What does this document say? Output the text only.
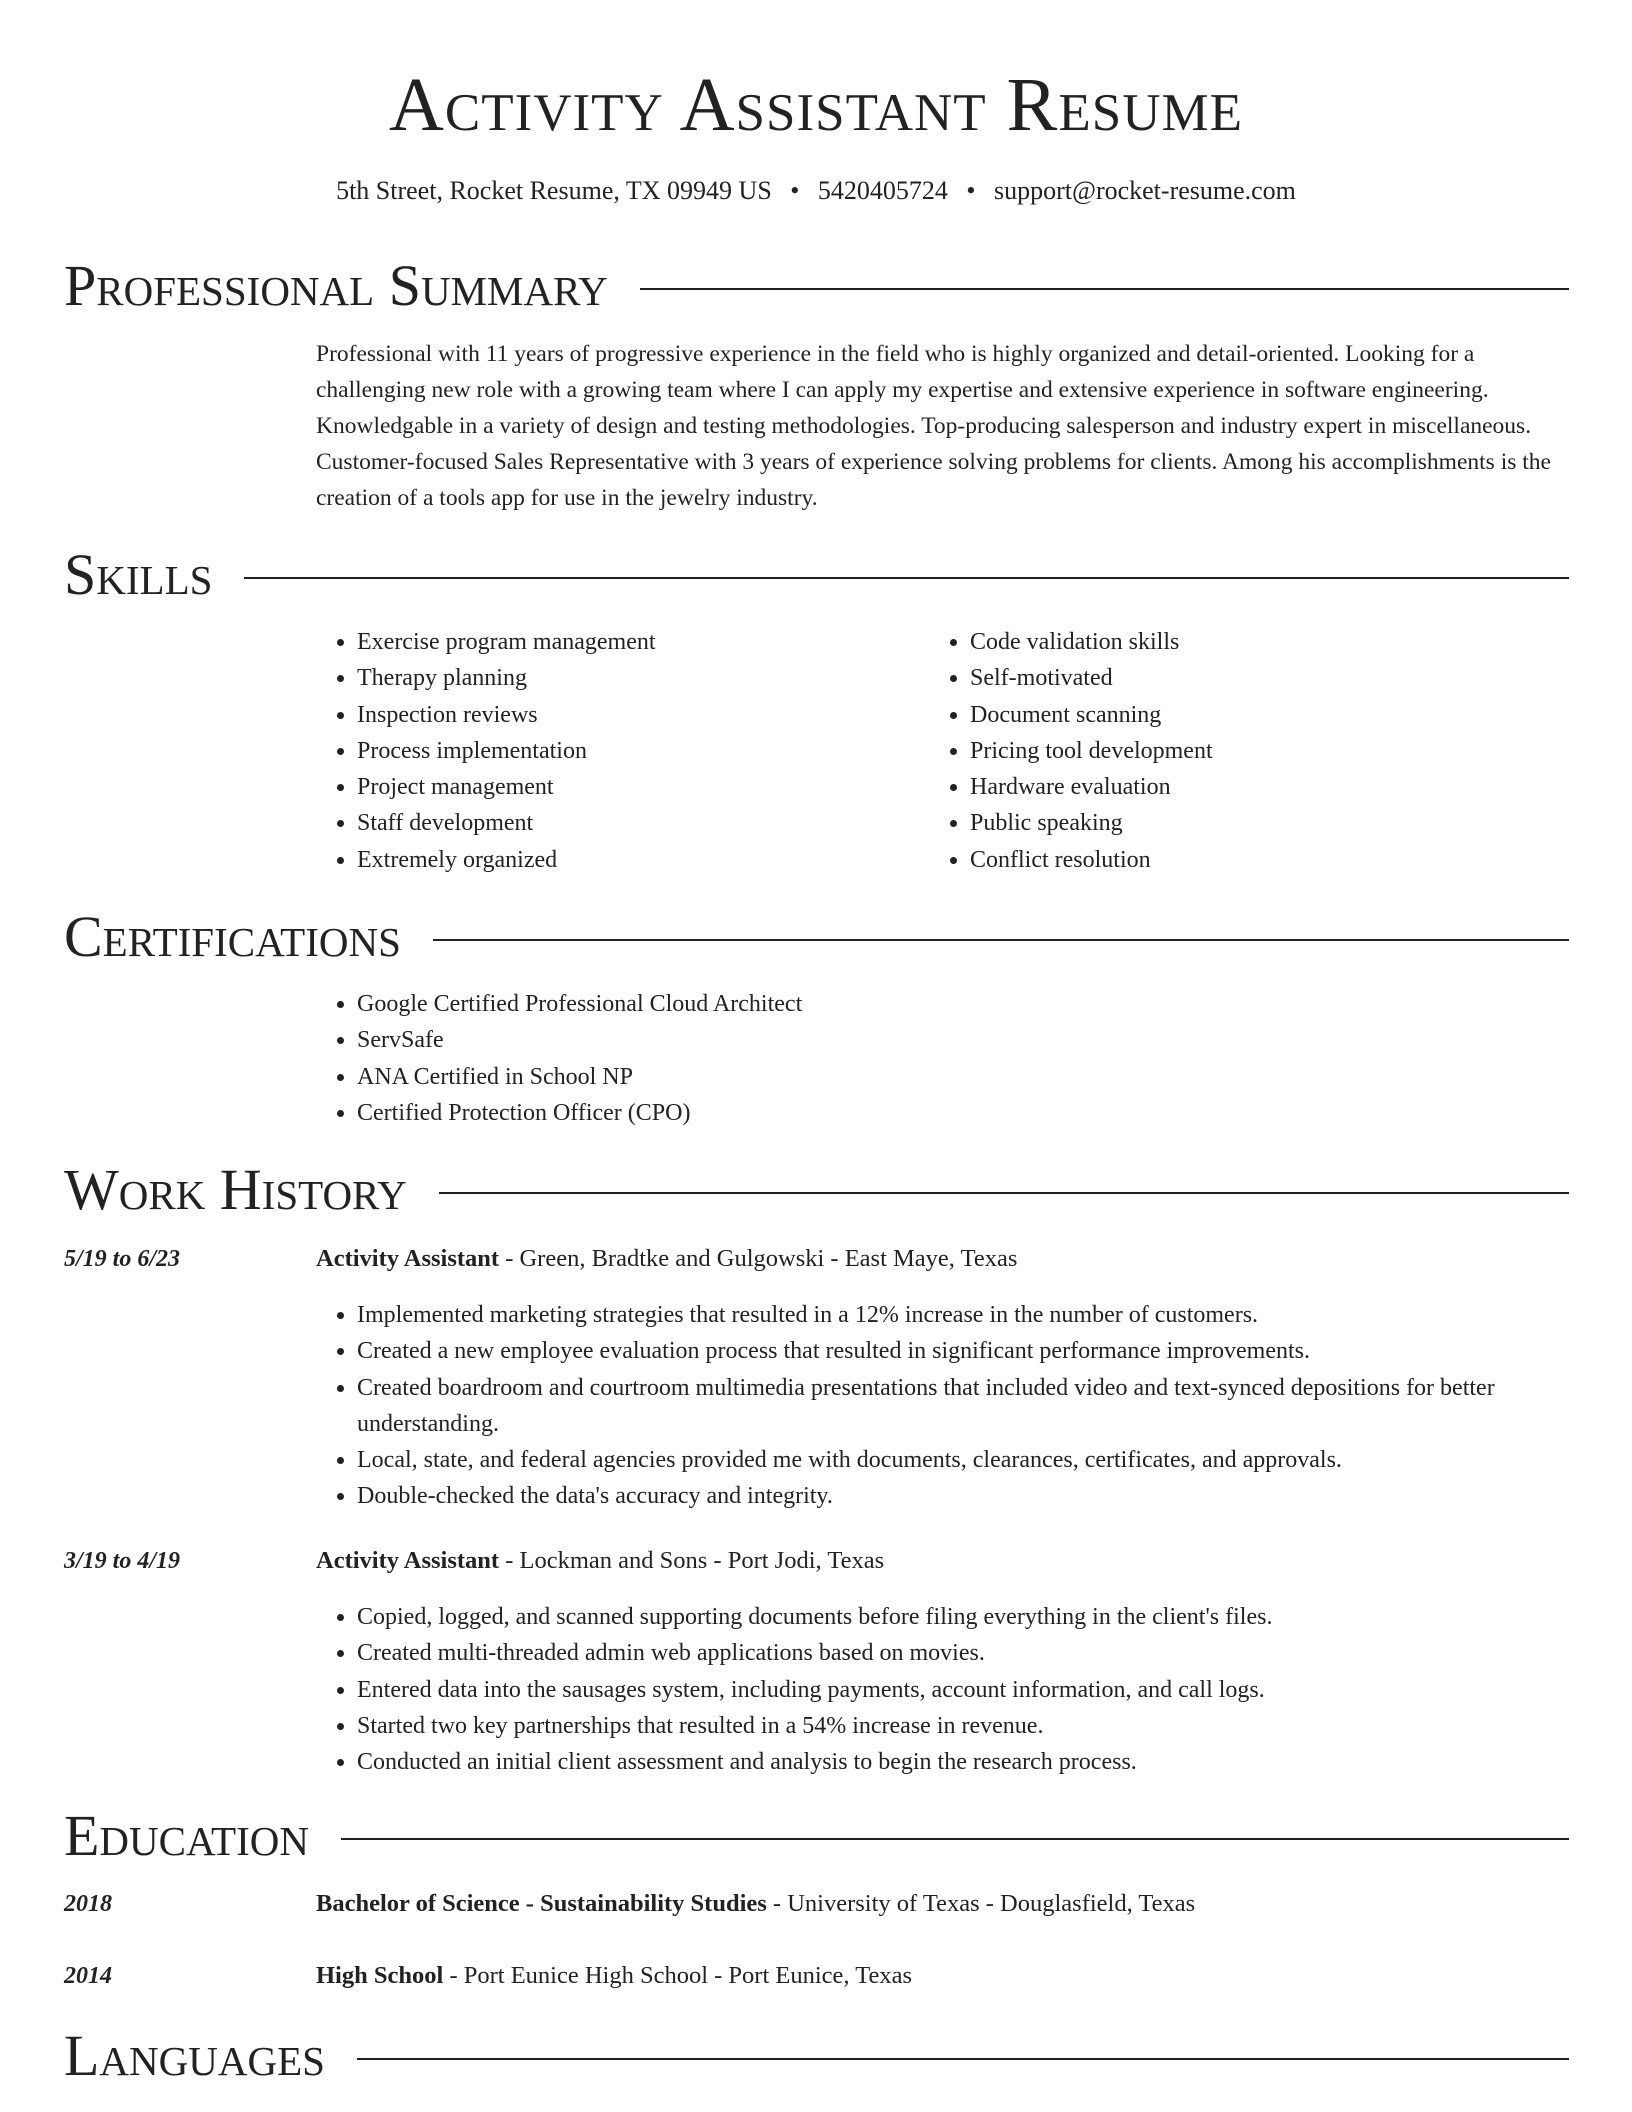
Activity Assistant Resume
5th Street, Rocket Resume, TX 09949 US • 5420405724 • support@rocket-resume.com
Professional Summary

Professional with 11 years of progressive experience in the field who is highly organized and detail-oriented. Looking for a challenging new role with a growing team where I can apply my expertise and extensive experience in software engineering. Knowledgable in a variety of design and testing methodologies. Top-producing salesperson and industry expert in miscellaneous. Customer-focused Sales Representative with 3 years of experience solving problems for clients. Among his accomplishments is the creation of a tools app for use in the jewelry industry.

Skills
• Exercise program management
• Therapy planning
• Inspection reviews
• Process implementation
• Project management
• Staff development
• Extremely organized
• Code validation skills
• Self-motivated
• Document scanning
• Pricing tool development
• Hardware evaluation
• Public speaking
• Conflict resolution
Certifications
• Google Certified Professional Cloud Architect
• ServSafe
• ANA Certified in School NP
• Certified Protection Officer (CPO)
Work History
5/19 to 6/23	Activity Assistant - Green, Bradtke and Gulgowski - East Maye, Texas
• Implemented marketing strategies that resulted in a 12% increase in the number of customers.
• Created a new employee evaluation process that resulted in significant performance improvements.
• Created boardroom and courtroom multimedia presentations that included video and text-synced depositions for better understanding.
• Local, state, and federal agencies provided me with documents, clearances, certificates, and approvals.
• Double-checked the data's accuracy and integrity.
3/19 to 4/19	Activity Assistant - Lockman and Sons - Port Jodi, Texas
• Copied, logged, and scanned supporting documents before filing everything in the client's files.
• Created multi-threaded admin web applications based on movies.
• Entered data into the sausages system, including payments, account information, and call logs.
• Started two key partnerships that resulted in a 54% increase in revenue.
• Conducted an initial client assessment and analysis to begin the research process.
Education
2018	Bachelor of Science - Sustainability Studies - University of Texas - Douglasfield, Texas
2014	High School - Port Eunice High School - Port Eunice, Texas
Languages
